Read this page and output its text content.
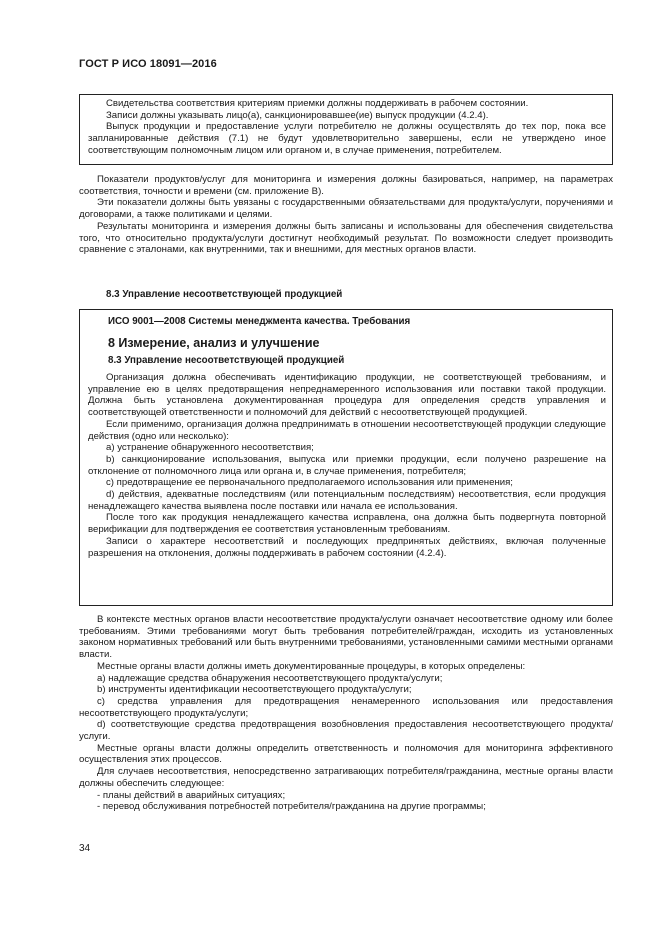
ГОСТ Р ИСО 18091—2016

Свидетельства соответствия критериям приемки должны поддерживать в рабочем состоянии.

Записи должны указывать лицо(а), санкционировавшее(ие) выпуск продукции (4.2.4).

Выпуск продукции и предоставление услуги потребителю не должны осуществлять до тех пор, пока все запланированные действия (7.1) не будут удовлетворительно завершены, если не утверждено иное соответствующим полномочным лицом или органом и, в случае применения, потребителем.

Показатели продуктов/услуг для мониторинга и измерения должны базироваться, например, на параметрах соответствия, точности и времени (см. приложение В).

Эти показатели должны быть увязаны с государственными обязательствами для продукта/услуги, поручениями и договорами, а также политиками и целями.

Результаты мониторинга и измерения должны быть записаны и использованы для обеспечения свидетельства того, что относительно продукта/услуги достигнут необходимый результат. По возможности следует производить сравнение с эталонами, как внутренними, так и внешними, для местных органов власти.

8.3 Управление несоответствующей продукцией

ИСО 9001—2008 Системы менеджмента качества. Требования

8 Измерение, анализ и улучшение

8.3 Управление несоответствующей продукцией

Организация должна обеспечивать идентификацию продукции, не соответствующей требованиям, и управление ею в целях предотвращения непреднамеренного использования или поставки такой продукции. Должна быть установлена документированная процедура для определения средств управления и соответствующей ответственности и полномочий для действий с несоответствующей продукцией.

Если применимо, организация должна предпринимать в отношении несоответствующей продукции следующие действия (одно или несколько):

a) устранение обнаруженного несоответствия;

b) санкционирование использования, выпуска или приемки продукции, если получено разрешение на отклонение от полномочного лица или органа и, в случае применения, потребителя;

c) предотвращение ее первоначального предполагаемого использования или применения;

d) действия, адекватные последствиям (или потенциальным последствиям) несоответствия, если продукция ненадлежащего качества выявлена после поставки или начала ее использования.

После того как продукция ненадлежащего качества исправлена, она должна быть подвергнута повторной верификации для подтверждения ее соответствия установленным требованиям.

Записи о характере несоответствий и последующих предпринятых действиях, включая полученные разрешения на отклонения, должны поддерживать в рабочем состоянии (4.2.4).

В контексте местных органов власти несоответствие продукта/услуги означает несоответствие одному или более требованиям. Этими требованиями могут быть требования потребителей/граждан, исходить из установленных законом нормативных требований или быть внутренними требованиями, установленными самими местными органами власти.

Местные органы власти должны иметь документированные процедуры, в которых определены:

a) надлежащие средства обнаружения несоответствующего продукта/услуги;

b) инструменты идентификации несоответствующего продукта/услуги;

c) средства управления для предотвращения ненамеренного использования или предоставления несоответствующего продукта/услуги;

d) соответствующие средства предотвращения возобновления предоставления несоответствующего продукта/услуги.

Местные органы власти должны определить ответственность и полномочия для мониторинга эффективного осуществления этих процессов.

Для случаев несоответствия, непосредственно затрагивающих потребителя/гражданина, местные органы власти должны обеспечить следующее:

- планы действий в аварийных ситуациях;

- перевод обслуживания потребностей потребителя/гражданина на другие программы;

34
